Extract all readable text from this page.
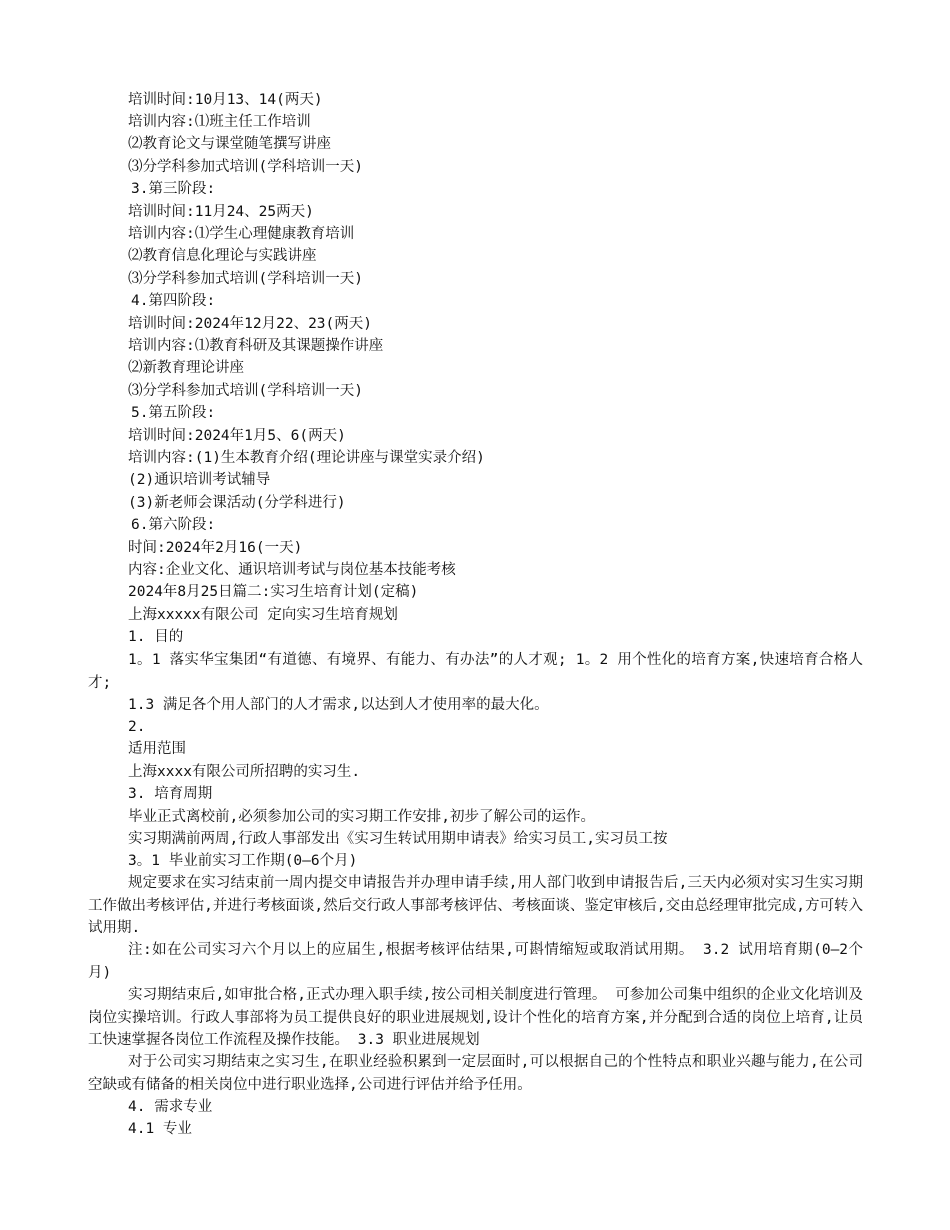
培训时间:10月13、14(两天)
培训内容:⑴班主任工作培训
⑵教育论文与课堂随笔撰写讲座
⑶分学科参加式培训(学科培训一天)
3.第三阶段:
培训时间:11月24、25两天)
培训内容:⑴学生心理健康教育培训
⑵教育信息化理论与实践讲座
⑶分学科参加式培训(学科培训一天)
4.第四阶段:
培训时间:2024年12月22、23(两天)
培训内容:⑴教育科研及其课题操作讲座
⑵新教育理论讲座
⑶分学科参加式培训(学科培训一天)
5.第五阶段:
培训时间:2024年1月5、6(两天)
培训内容:(1)生本教育介绍(理论讲座与课堂实录介绍)
(2)通识培训考试辅导
(3)新老师会课活动(分学科进行)
6.第六阶段:
时间:2024年2月16(一天)
内容:企业文化、通识培训考试与岗位基本技能考核
2024年8月25日篇二:实习生培育计划(定稿)
上海xxxxx有限公司 定向实习生培育规划
1. 目的
1。1 落实华宝集团“有道德、有境界、有能力、有办法”的人才观; 1。2 用个性化的培育方案,快速培育合格人才;
1.3 满足各个用人部门的人才需求,以达到人才使用率的最大化。
2.
适用范围
上海xxxx有限公司所招聘的实习生.
3. 培育周期
毕业正式离校前,必须参加公司的实习期工作安排,初步了解公司的运作。
实习期满前两周,行政人事部发出《实习生转试用期申请表》给实习员工,实习员工按
3。1 毕业前实习工作期(0—6个月)
规定要求在实习结束前一周内提交申请报告并办理申请手续,用人部门收到申请报告后,三天内必须对实习生实习期工作做出考核评估,并进行考核面谈,然后交行政人事部考核评估、考核面谈、鉴定审核后,交由总经理审批完成,方可转入试用期.
注:如在公司实习六个月以上的应届生,根据考核评估结果,可斟情缩短或取消试用期。 3.2 试用培育期(0—2个月)
实习期结束后,如审批合格,正式办理入职手续,按公司相关制度进行管理。 可参加公司集中组织的企业文化培训及岗位实操培训。行政人事部将为员工提供良好的职业进展规划,设计个性化的培育方案,并分配到合适的岗位上培育,让员工快速掌握各岗位工作流程及操作技能。 3.3 职业进展规划
对于公司实习期结束之实习生,在职业经验积累到一定层面时,可以根据自己的个性特点和职业兴趣与能力,在公司空缺或有储备的相关岗位中进行职业选择,公司进行评估并给予任用。
4. 需求专业
4.1 专业
